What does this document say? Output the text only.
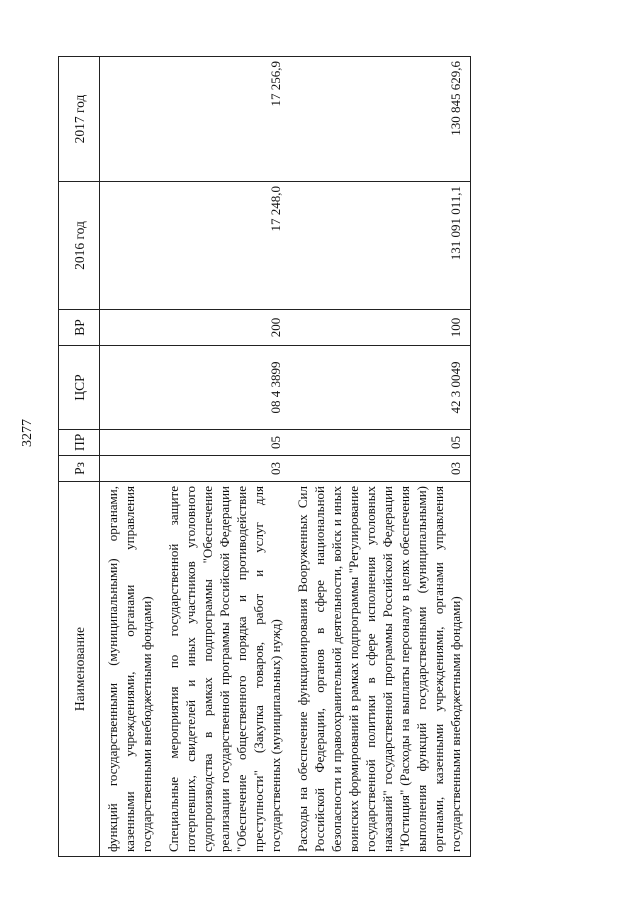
3277
Наименование	Рз	ПР	ЦСР	ВР	2016 год	2017 год
функций государственными (муниципальными) органами, казенными учреждениями, органами управления государственными внебюджетными фондами)						
Специальные мероприятия по государственной защите потерпевших, свидетелей и иных участников уголовного судопроизводства в рамках подпрограммы "Обеспечение реализации государственной программы Российской Федерации "Обеспечение общественного порядка и противодействие преступности" (Закупка товаров, работ и услуг для государственных (муниципальных) нужд)	03	05	08 4 3899	200	17 248,0	17 256,9
Расходы на обеспечение функционирования Вооруженных Сил Российской Федерации, органов в сфере национальной безопасности и правоохранительной деятельности, войск и иных воинских формирований в рамках подпрограммы "Регулирование государственной политики в сфере исполнения уголовных наказаний" государственной программы Российской Федерации "Юстиция" (Расходы на выплаты персоналу в целях обеспечения выполнения функций государственными (муниципальными) органами, казенными учреждениями, органами управления государственными внебюджетными фондами)	03	05	42 3 0049	100	131 091 011,1	130 845 629,6
